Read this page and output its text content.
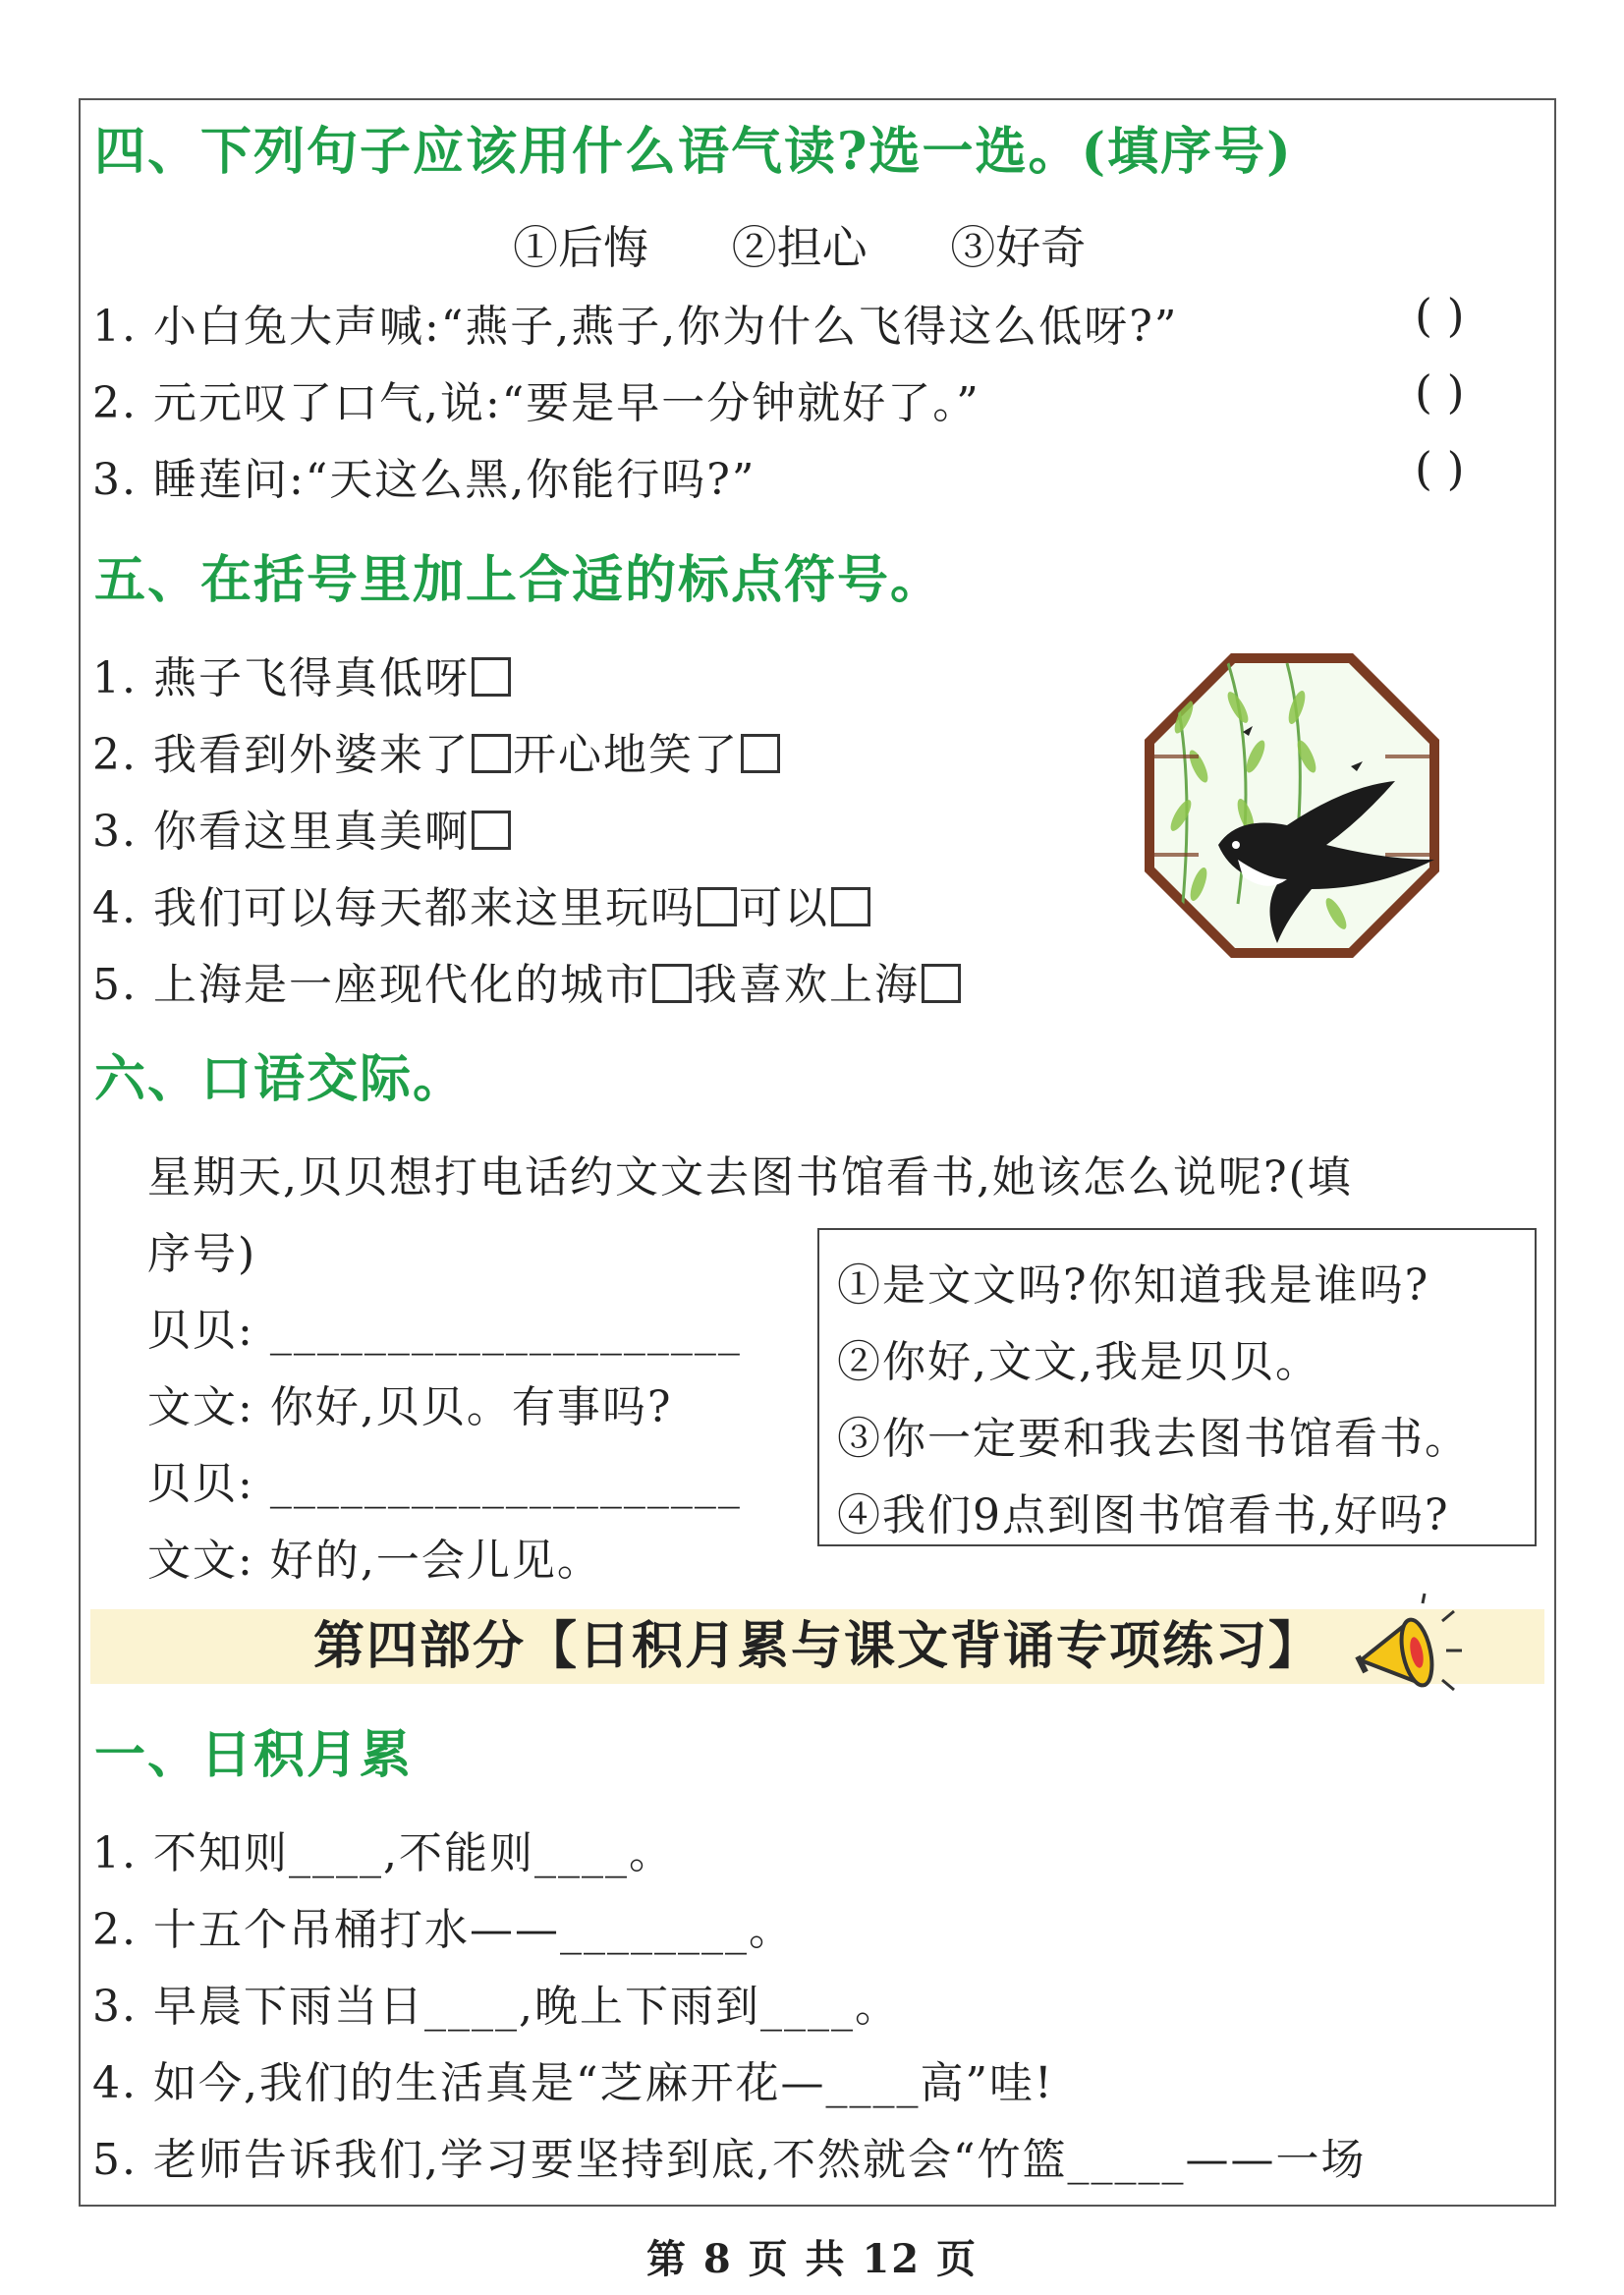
四、下列句子应该用什么语气读?选一选。(填序号)
①后悔 ②担心 ③好奇
1. 小白兔大声喊:“燕子,燕子,你为什么飞得这么低呀?”	( )
2. 元元叹了口气,说:“要是早一分钟就好了。”	( )
3. 睡莲问:“天这么黑,你能行吗?”	( )
五、在括号里加上合适的标点符号。
1. 燕子飞得真低呀
2. 我看到外婆来了 开心地笑了
3. 你看这里真美啊
4. 我们可以每天都来这里玩吗 可以
5. 上海是一座现代化的城市 我喜欢上海
六、口语交际。
星期天,贝贝想打电话约文文去图书馆看书,她该怎么说呢?(填
序号)
贝贝: ____________________
文文: 你好,贝贝。有事吗?
贝贝: ____________________
文文: 好的,一会儿见。
①是文文吗?你知道我是谁吗?
②你好,文文,我是贝贝。
③你一定要和我去图书馆看书。
④我们9点到图书馆看书,好吗?
第四部分【日积月累与课文背诵专项练习】
一、日积月累
1. 不知则____,不能则____。
2. 十五个吊桶打水——________。
3. 早晨下雨当日____,晚上下雨到____。
4. 如今,我们的生活真是“芝麻开花—____高”哇!
5. 老师告诉我们,学习要坚持到底,不然就会“竹篮_____——一场
第 8 页 共 12 页
